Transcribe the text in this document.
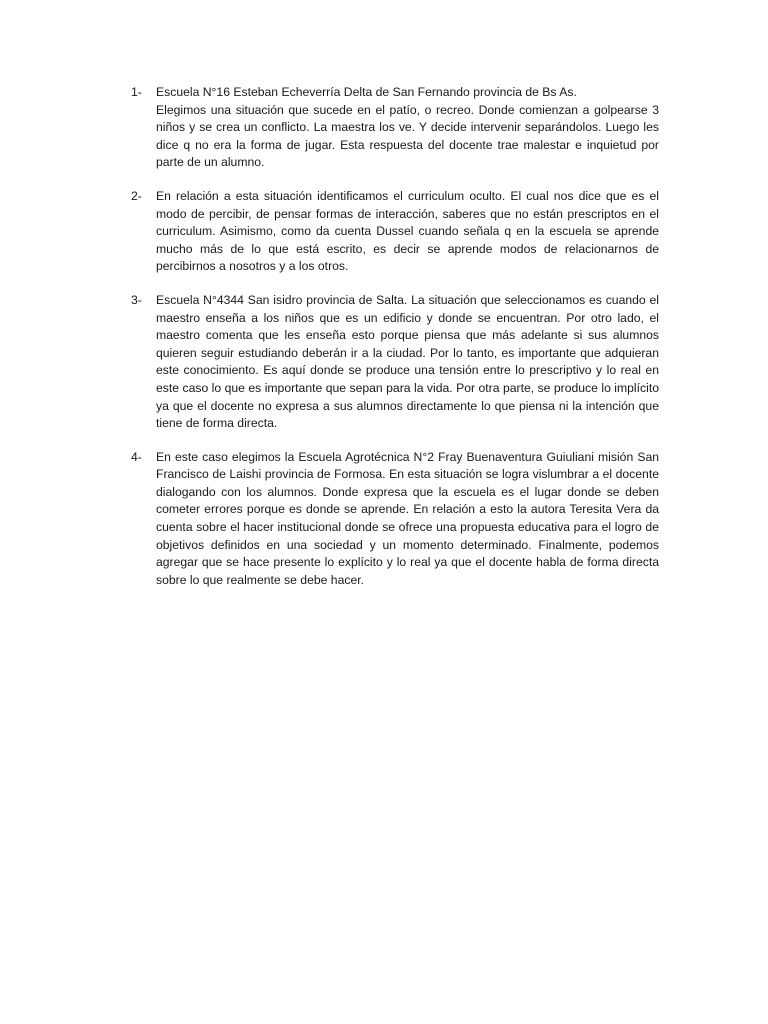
1-	Escuela N°16 Esteban Echeverría Delta de San Fernando provincia de Bs As.
Elegimos una situación que sucede en el patío, o recreo. Donde comienzan a golpearse 3 niños y se crea un conflicto. La maestra los ve. Y decide intervenir separándolos. Luego les dice q no era la forma de jugar. Esta respuesta del docente trae malestar e inquietud por parte de un alumno.
2-	En relación a esta situación identificamos el curriculum oculto. El cual nos dice que es el modo de percibir, de pensar formas de interacción, saberes que no están prescriptos en el curriculum. Asimismo, como da cuenta Dussel cuando señala q en la escuela se aprende mucho más de lo que está escrito, es decir se aprende modos de relacionarnos de percibirnos a nosotros y a los otros.
3-	Escuela N°4344 San isidro provincia de Salta. La situación que seleccionamos es cuando el maestro enseña a los niños que es un edificio y donde se encuentran. Por otro lado, el maestro comenta que les enseña esto porque piensa que más adelante si sus alumnos quieren seguir estudiando deberán ir a la ciudad. Por lo tanto, es importante que adquieran este conocimiento. Es aquí donde se produce una tensión entre lo prescriptivo y lo real en este caso lo que es importante que sepan para la vida. Por otra parte, se produce lo implícito ya que el docente no expresa a sus alumnos directamente lo que piensa ni la intención que tiene de forma directa.
4-	En este caso elegimos la Escuela Agrotécnica N°2 Fray Buenaventura Guiuliani misión San Francisco de Laishi provincia de Formosa. En esta situación se logra vislumbrar a el docente dialogando con los alumnos. Donde expresa que la escuela es el lugar donde se deben cometer errores porque es donde se aprende. En relación a esto la autora Teresita Vera da cuenta sobre el hacer institucional donde se ofrece una propuesta educativa para el logro de objetivos definidos en una sociedad y un momento determinado. Finalmente, podemos agregar que se hace presente lo explícito y lo real ya que el docente habla de forma directa sobre lo que realmente se debe hacer.
